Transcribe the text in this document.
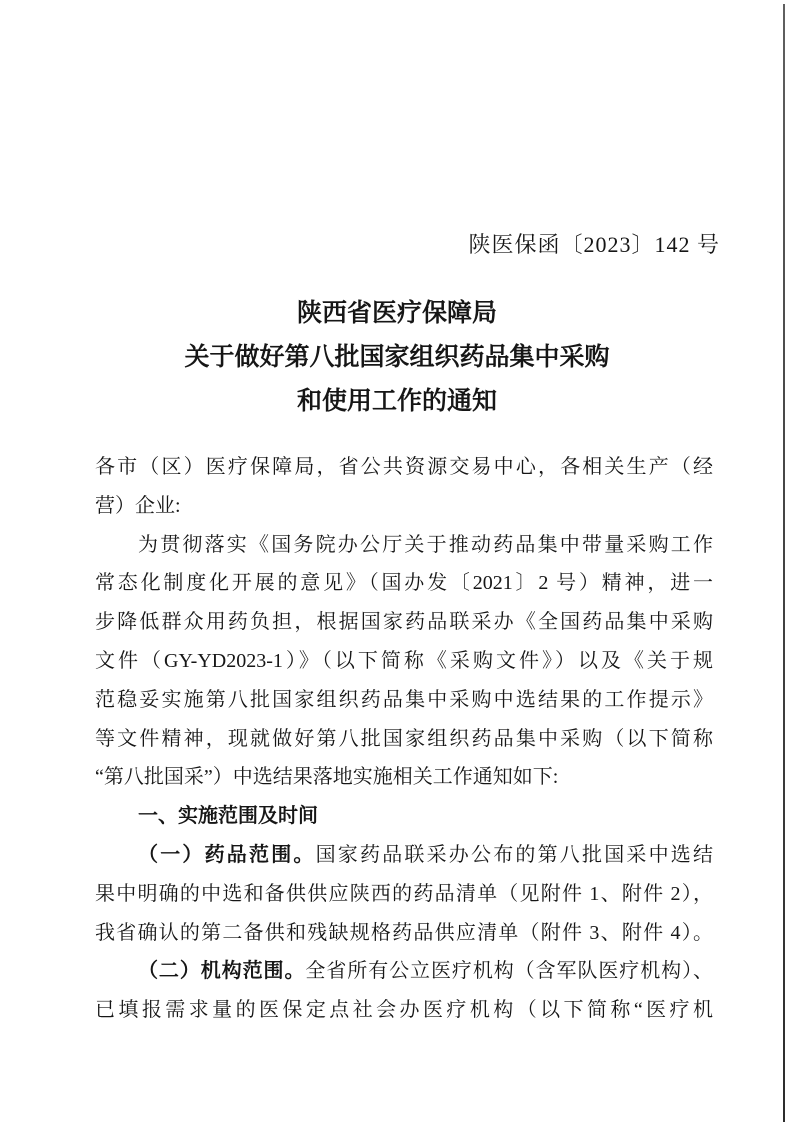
陕医保函〔2023〕142 号
陕西省医疗保障局
关于做好第八批国家组织药品集中采购
和使用工作的通知
各市（区）医疗保障局，省公共资源交易中心，各相关生产（经
营）企业:
为贯彻落实《国务院办公厅关于推动药品集中带量采购工作
常态化制度化开展的意见》（国办发〔2021〕2 号）精神，进一
步降低群众用药负担，根据国家药品联采办《全国药品集中采购
文件（GY-YD2023-1）》（以下简称《采购文件》）以及《关于规
范稳妥实施第八批国家组织药品集中采购中选结果的工作提示》
等文件精神，现就做好第八批国家组织药品集中采购（以下简称
“第八批国采”）中选结果落地实施相关工作通知如下:
一、实施范围及时间
（一）药品范围。国家药品联采办公布的第八批国采中选结
果中明确的中选和备供供应陕西的药品清单（见附件 1、附件 2），
我省确认的第二备供和残缺规格药品供应清单（附件 3、附件 4）。
（二）机构范围。全省所有公立医疗机构（含军队医疗机构）、
已填报需求量的医保定点社会办医疗机构（以下简称“医疗机
